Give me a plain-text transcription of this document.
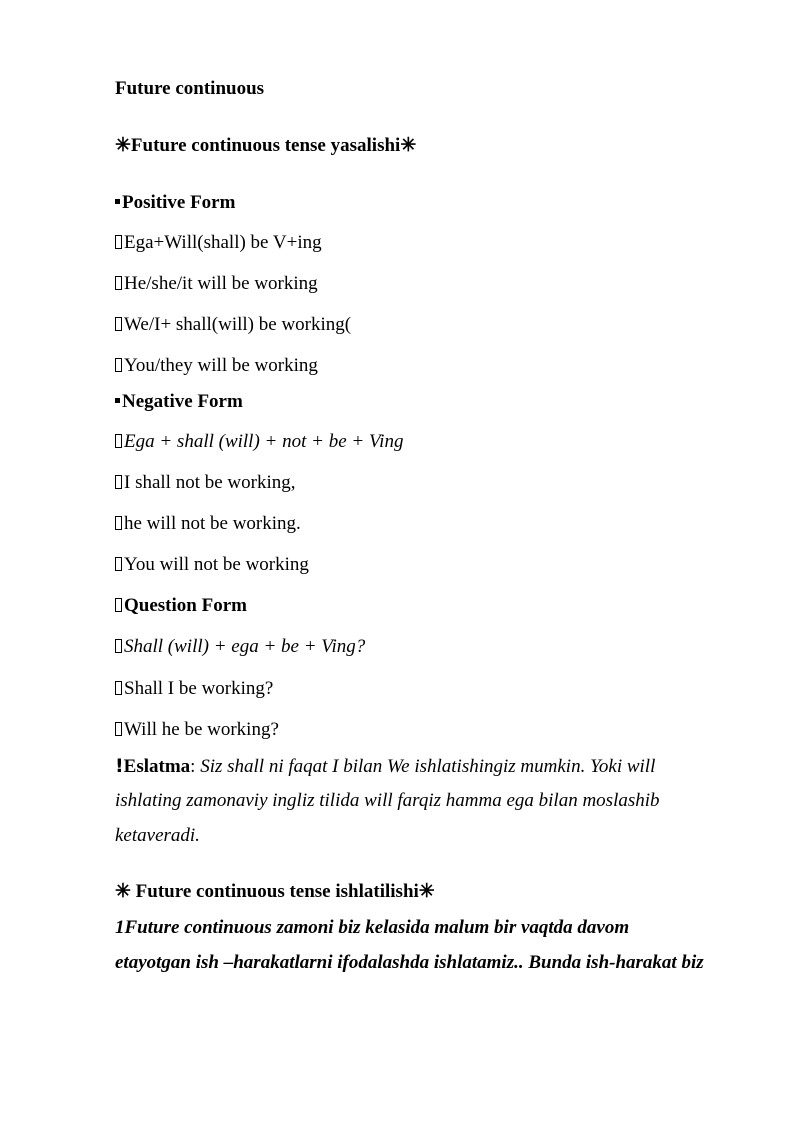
Future continuous
✳Future continuous tense yasalishi✳
Positive Form
Ega+Will(shall) be V+ing
He/she/it will be working
We/I+ shall(will) be working(
You/they will be working
Negative Form
Ega + shall (will) + not + be + Ving
I shall not be working,
he will not be working.
You will not be working
Question Form
Shall (will) + ega + be + Ving?
Shall I be working?
Will he be working?
!Eslatma: Siz shall ni faqat I bilan We ishlatishingiz mumkin. Yoki will
ishlating zamonaviy ingliz tilida will farqiz hamma ega bilan moslashib
ketaveradi.
✳ Future continuous tense ishlatilishi✳
1Future continuous zamoni biz kelasida malum bir vaqtda davom
etayotgan ish –harakatlarni ifodalashda ishlatamiz.. Bunda ish-harakat biz
